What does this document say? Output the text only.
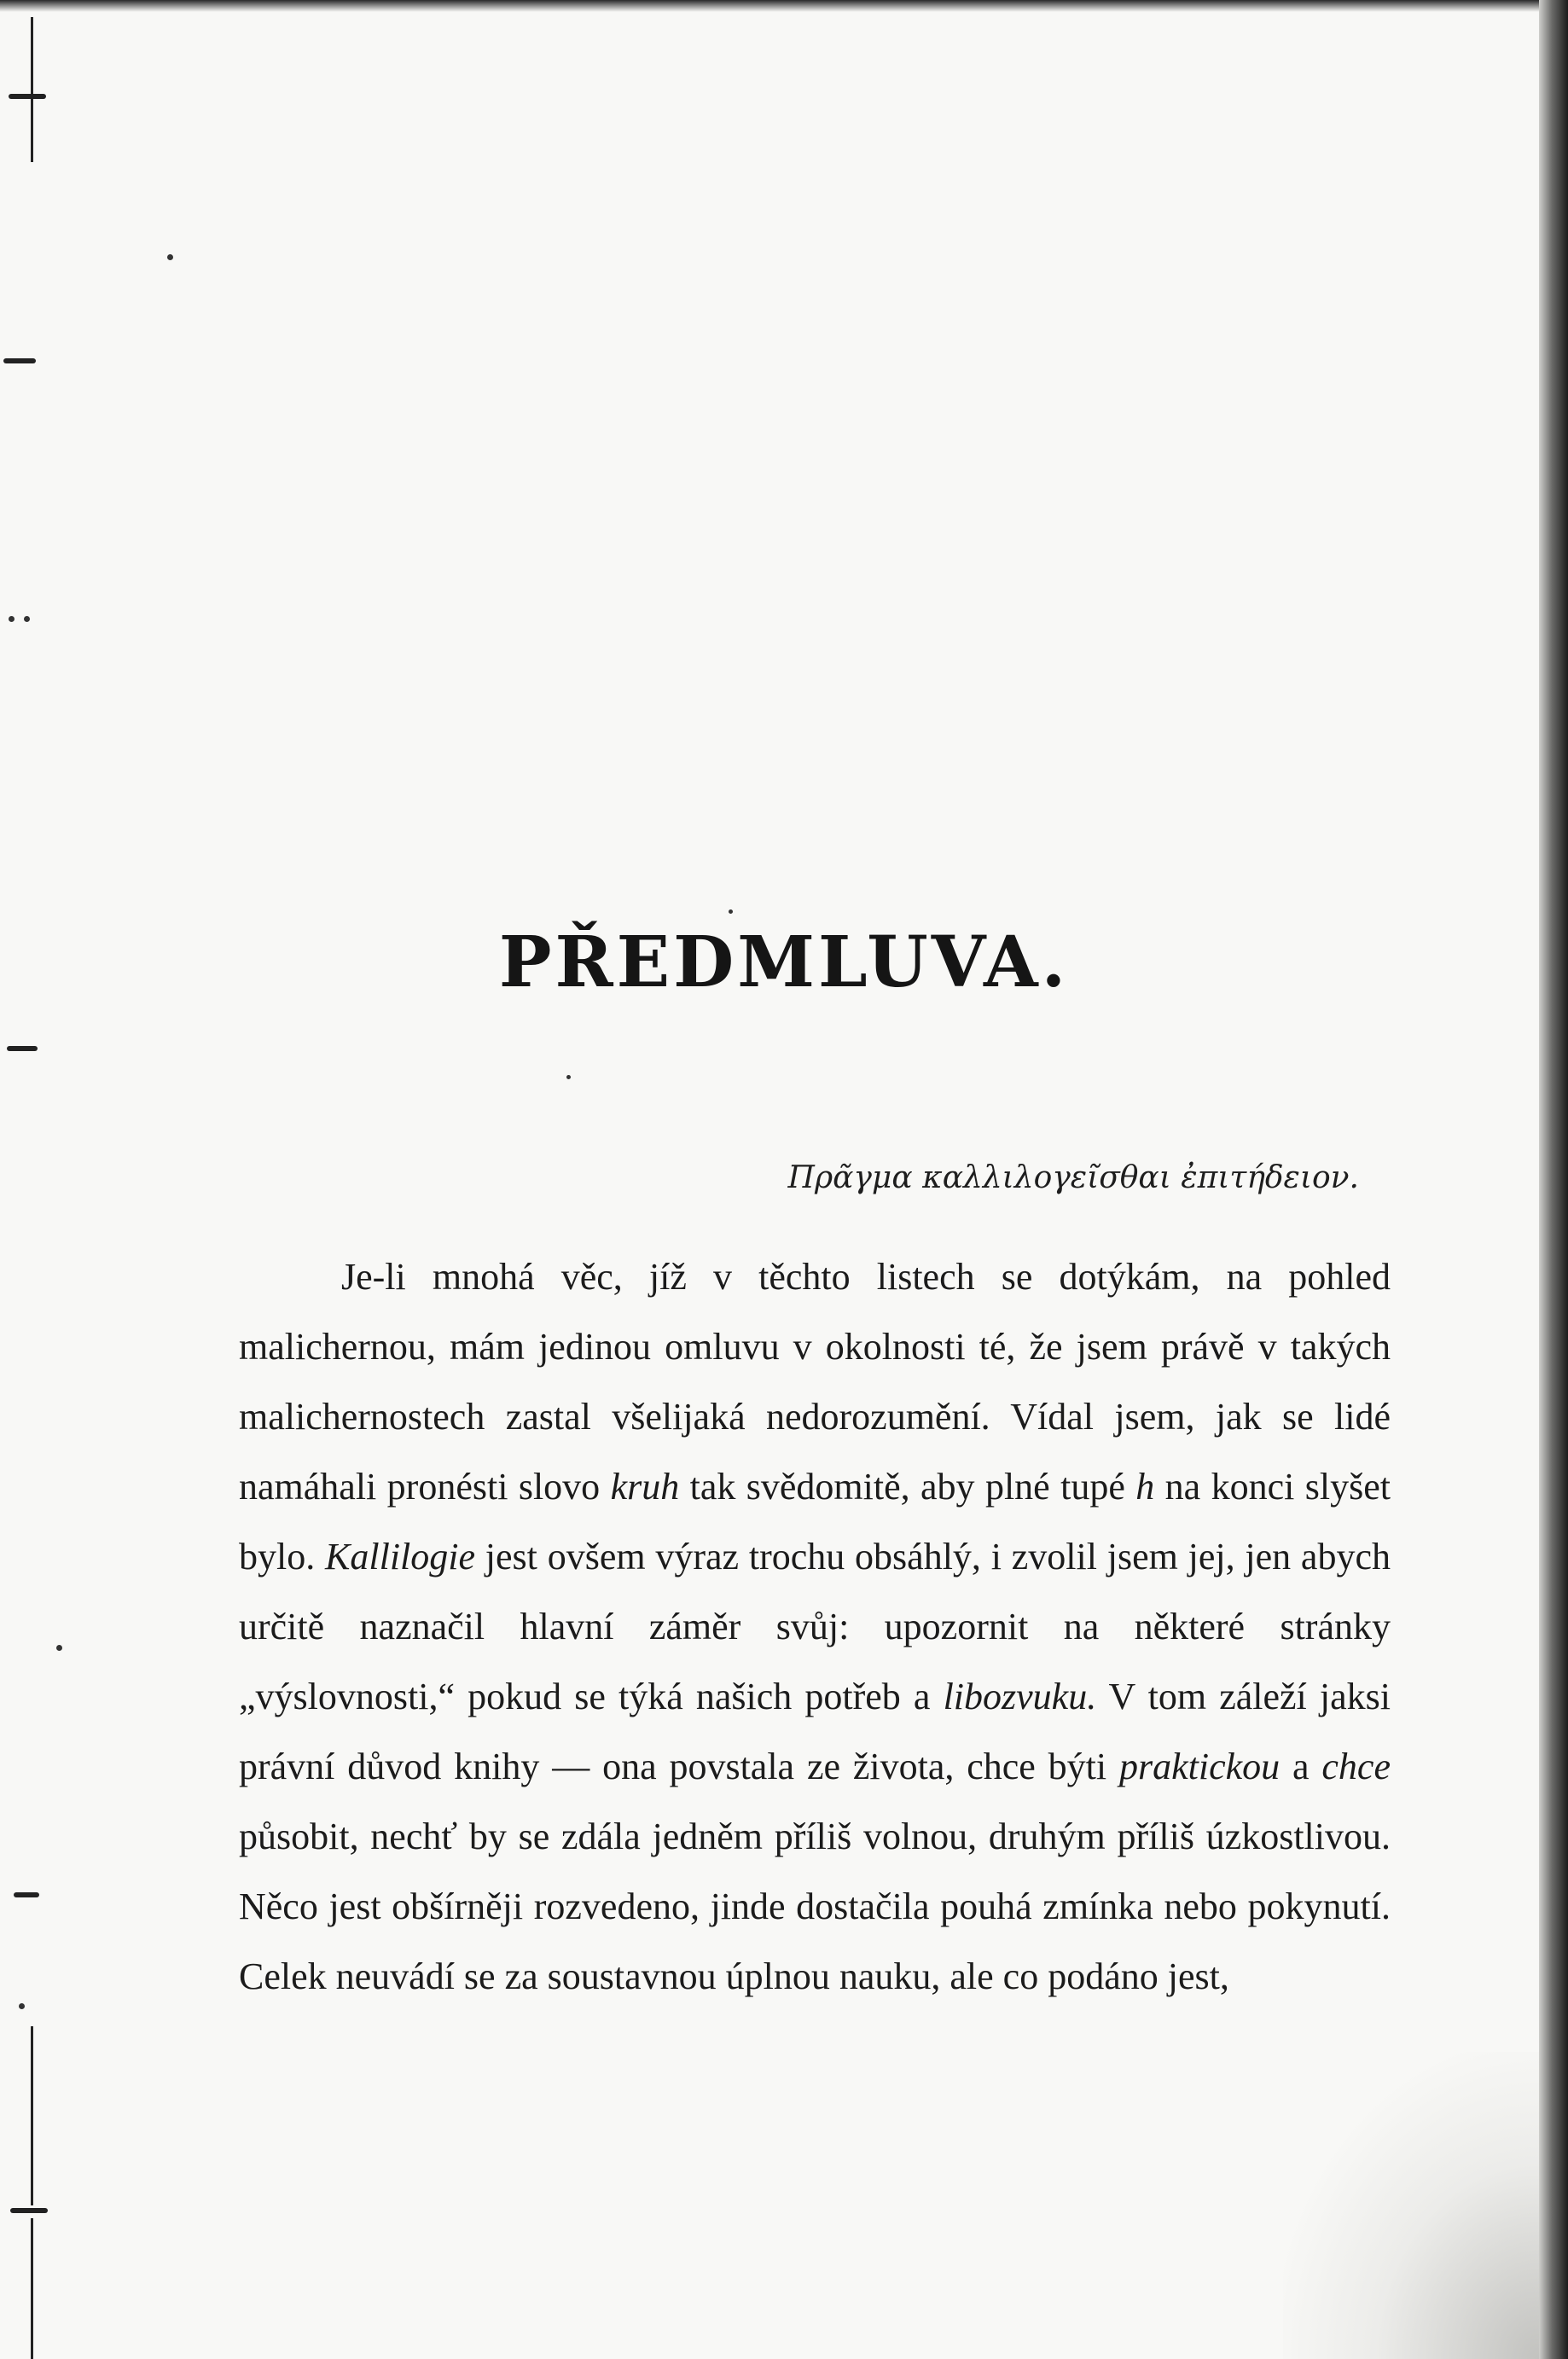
PŘEDMLUVA.
Πρᾶγμα καλλιλογεῖσθαι ἐπιτήδειον.

Je-li mnohá věc, jíž v těchto listech se dotýkám, na pohled malichernou, mám jedinou omluvu v okolnosti té, že jsem právě v takých malichernostech zastal všelijaká nedorozumění. Vídal jsem, jak se lidé namáhali pronésti slovo kruh tak svědomitě, aby plné tupé h na konci slyšet bylo. Kallilogie jest ovšem výraz trochu obsáhlý, i zvolil jsem jej, jen abych určitě naznačil hlavní záměr svůj: upozornit na některé stránky „výslovnosti,“ pokud se týká našich potřeb a libozvuku. V tom záleží jaksi právní důvod knihy — ona povstala ze života, chce býti praktickou a chce působit, nechť by se zdála jedněm příliš volnou, druhým příliš úzkostlivou. Něco jest obšírněji rozvedeno, jinde dostačila pouhá zmínka nebo pokynutí. Celek neuvádí se za soustavnou úplnou nauku, ale co podáno jest,
